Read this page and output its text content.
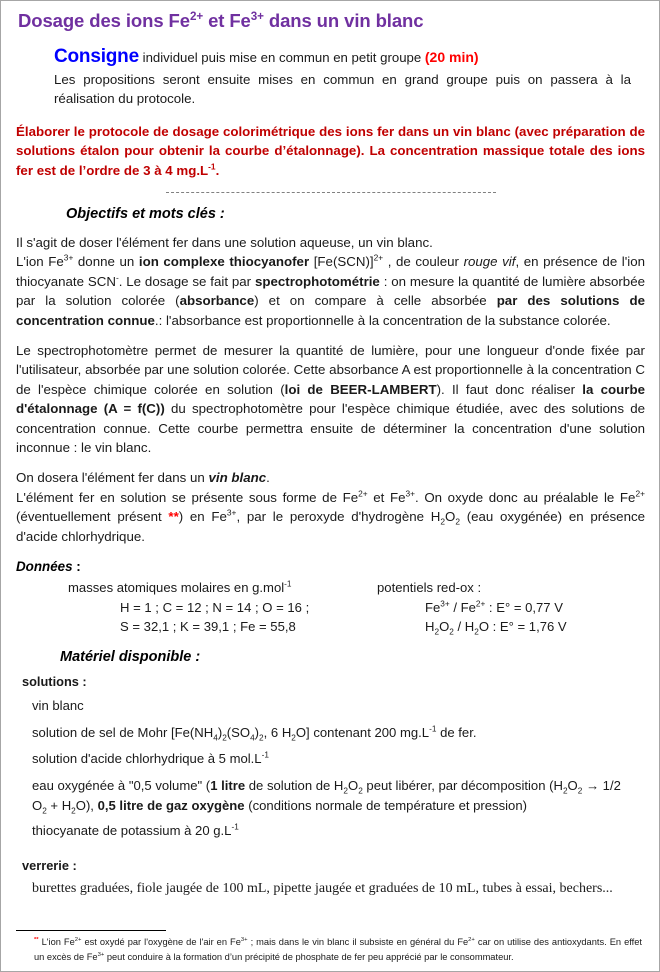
Dosage des ions $Fe^{2+}$ et $Fe^{3+}$ dans un vin blanc
Consigne individuel puis mise en commun en petit groupe (20 min)
Les propositions seront ensuite mises en commun en grand groupe puis on passera à la réalisation du protocole.
Élaborer le protocole de dosage colorimétrique des ions fer dans un vin blanc (avec préparation de solutions étalon pour obtenir la courbe d’étalonnage). La concentration massique totale des ions fer est de l’ordre de 3 à 4 $mg.L^{-1}$.
Objectifs et mots clés :
Il s'agit de doser l'élément fer dans une solution aqueuse, un vin blanc.
L'ion $Fe^{3+}$ donne un ion complexe thiocyanofer $[Fe(SCN)]^{2+}$ , de couleur rouge vif, en présence de l'ion thiocyanate SCN-. Le dosage se fait par spectrophotométrie : on mesure la quantité de lumière absorbée par la solution colorée (absorbance) et on compare à celle absorbée par des solutions de concentration connue.: l'absorbance est proportionnelle à la concentration de la substance colorée.
Le spectrophotomètre permet de mesurer la quantité de lumière, pour une longueur d'onde fixée par l'utilisateur, absorbée par une solution colorée. Cette absorbance A est proportionnelle à la concentration C de l'espèce chimique colorée en solution (loi de BEER-LAMBERT). Il faut donc réaliser la courbe d'étalonnage (A = f(C)) du spectrophotomètre pour l'espèce chimique étudiée, avec des solutions de concentration connue. Cette courbe permettra ensuite de déterminer la concentration d'une solution inconnue : le vin blanc.
On dosera l'élément fer dans un vin blanc.
L'élément fer en solution se présente sous forme de $Fe^{2+}$ et $Fe^{3+}$. On oxyde donc au préalable le $Fe^{2+}$ (éventuellement présent **) en $Fe^{3+}$, par le peroxyde d'hydrogène $H_2O_2$ (eau oxygénée) en présence d'acide chlorhydrique.
Données :
masses atomiques molaires en g.mol$^{-1}$
H = 1 ; C = 12 ; N = 14 ; O = 16 ;
S = 32,1 ; K = 39,1 ; Fe = 55,8
potentiels red-ox :
$Fe^{3+} / Fe^{2+}$ : E° = 0,77 V
$H_2O_2 / H_2O$ : E° = 1,76 V
Matériel disponible :
solutions :
vin blanc
solution de sel de Mohr [$Fe(NH_4)_2(SO_4)_2$, 6 $H_2O$] contenant 200 $mg.L^{-1}$ de fer.
solution d'acide chlorhydrique à 5 $mol.L^{-1}$
eau oxygénée à "0,5 volume" (1 litre de solution de $H_2O_2$ peut libérer, par décomposition ($H_2O_2 \to 1/2$ $O_2 + H_2O$), 0,5 litre de gaz oxygène (conditions normale de température et pression)
thiocyanate de potassium à 20 $g.L^{-1}$
verrerie :
burettes graduées, fiole jaugée de 100 mL, pipette jaugée et graduées de 10 mL, tubes à essai, bechers...
** L'ion $Fe^{2+}$ est oxydé par l'oxygène de l'air en $Fe^{3+}$ ; mais dans le vin blanc il subsiste en général du $Fe^{2+}$ car on utilise des antioxydants. En effet un excès de $Fe^{3+}$ peut conduire à la formation d’un précipité de phosphate de fer peu apprécié par le consommateur.
